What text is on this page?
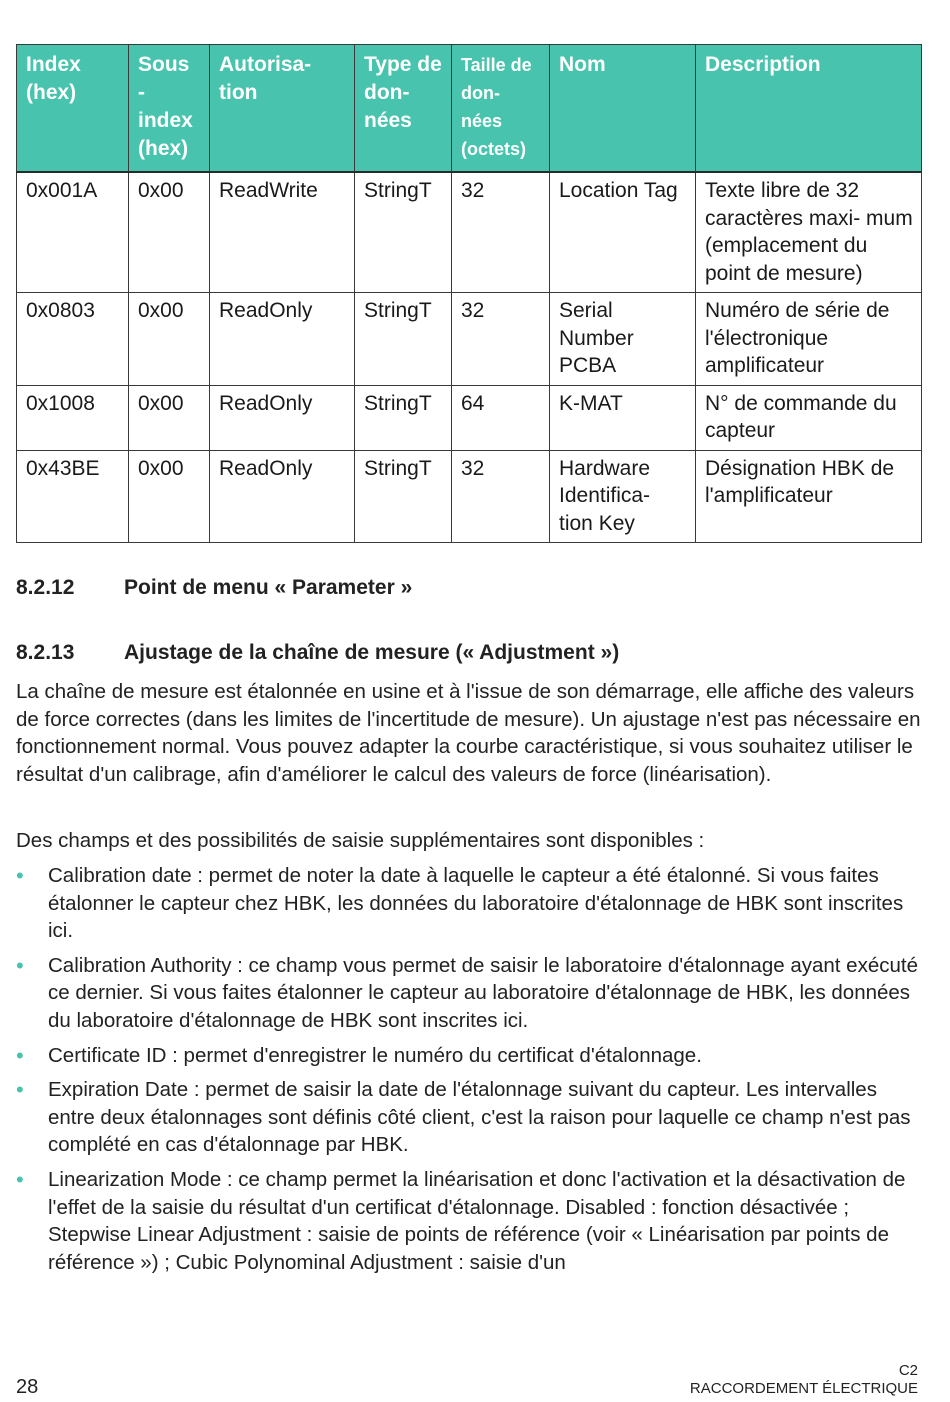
Index (hex)	Sous - index (hex)	Autorisa- tion	Type de don- nées	Taille de don- nées (octets)	Nom	Description
0x001A	0x00	ReadWrite	StringT	32	Location Tag	Texte libre de 32 caractères maxi- mum (emplacement du point de mesure)
0x0803	0x00	ReadOnly	StringT	32	Serial Number PCBA	Numéro de série de l'électronique amplificateur
0x1008	0x00	ReadOnly	StringT	64	K-MAT	N° de commande du capteur
0x43BE	0x00	ReadOnly	StringT	32	Hardware Identifica- tion Key	Désignation HBK de l'amplificateur
8.2.12 Point de menu « Parameter »
8.2.13 Ajustage de la chaîne de mesure (« Adjustment »)

La chaîne de mesure est étalonnée en usine et à l'issue de son démarrage, elle affiche des valeurs de force correctes (dans les limites de l'incertitude de mesure). Un ajustage n'est pas nécessaire en fonctionnement normal. Vous pouvez adapter la courbe caractéristique, si vous souhaitez utiliser le résultat d'un calibrage, afin d'améliorer le calcul des valeurs de force (linéarisation).

Des champs et des possibilités de saisie supplémentaires sont disponibles :

• Calibration date : permet de noter la date à laquelle le capteur a été étalonné. Si vous faites étalonner le capteur chez HBK, les données du laboratoire d'étalonnage de HBK sont inscrites ici.
• Calibration Authority : ce champ vous permet de saisir le laboratoire d'étalonnage ayant exécuté ce dernier. Si vous faites étalonner le capteur au laboratoire d'étalonnage de HBK, les données du laboratoire d'étalonnage de HBK sont inscrites ici.
• Certificate ID : permet d'enregistrer le numéro du certificat d'étalonnage.
• Expiration Date : permet de saisir la date de l'étalonnage suivant du capteur. Les intervalles entre deux étalonnages sont définis côté client, c'est la raison pour laquelle ce champ n'est pas complété en cas d'étalonnage par HBK.
• Linearization Mode : ce champ permet la linéarisation et donc l'activation et la désactivation de l'effet de la saisie du résultat d'un certificat d'étalonnage. Disabled : fonction désactivée ; Stepwise Linear Adjustment : saisie de points de référence (voir « Linéarisation par points de référence ») ; Cubic Polynominal Adjustment : saisie d'un
28
C2
RACCORDEMENT ÉLECTRIQUE
